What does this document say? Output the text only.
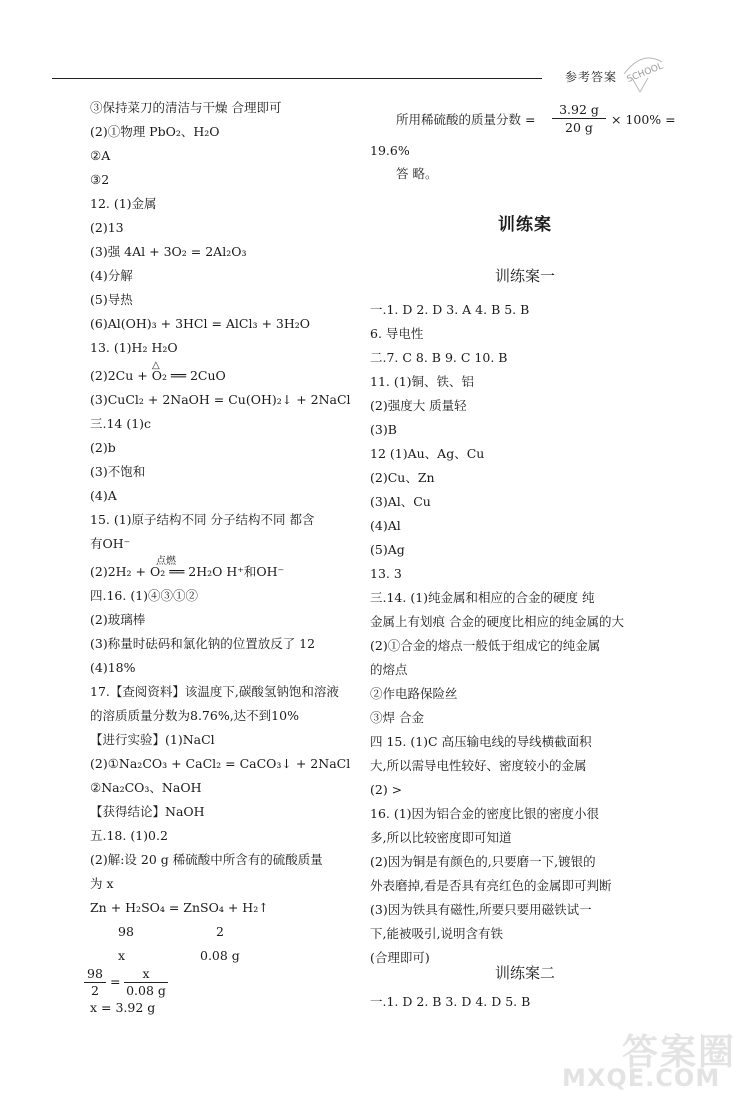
参考答案 SCHOOL
③保持菜刀的清洁与干燥 合理即可
(2)①物理 PbO₂、H₂O
②A
③2
12. (1)金属
(2)13
(3)强 4Al + 3O₂ = 2Al₂O₃
(4)分解
(5)导热
(6)Al(OH)₃ + 3HCl = AlCl₃ + 3H₂O
13. (1)H₂ H₂O
△
(2)2Cu + O₂ ══ 2CuO
(3)CuCl₂ + 2NaOH = Cu(OH)₂↓ + 2NaCl
三.14 (1)c
(2)b
(3)不饱和
(4)A
15. (1)原子结构不同 分子结构不同 都含
有OH⁻
点燃
(2)2H₂ + O₂ ══ 2H₂O H⁺和OH⁻
四.16. (1)④③①②
(2)玻璃棒
(3)称量时砝码和氯化钠的位置放反了 12
(4)18%
17.【查阅资料】该温度下,碳酸氢钠饱和溶液
的溶质质量分数为8.76%,达不到10%
【进行实验】(1)NaCl
(2)①Na₂CO₃ + CaCl₂ = CaCO₃↓ + 2NaCl
②Na₂CO₃、NaOH
【获得结论】NaOH
五.18. (1)0.2
(2)解:设 20 g 稀硫酸中所含有的硫酸质量
为 x
Zn + H₂SO₄ = ZnSO₄ + H₂↑
98	2
x	0.08 g
98
2
=
x
0.08 g
x = 3.92 g
所用稀硫酸的质量分数 =
3.92 g
20 g
× 100% =
19.6%
答 略。
训练案
训练案一
一.1. D 2. D 3. A 4. B 5. B
6. 导电性
二.7. C 8. B 9. C 10. B
11. (1)铜、铁、铝
(2)强度大 质量轻
(3)B
12 (1)Au、Ag、Cu
(2)Cu、Zn
(3)Al、Cu
(4)Al
(5)Ag
13. 3
三.14. (1)纯金属和相应的合金的硬度 纯
金属上有划痕 合金的硬度比相应的纯金属的大
(2)①合金的熔点一般低于组成它的纯金属
的熔点
②作电路保险丝
③焊 合金
四 15. (1)C 高压输电线的导线横截面积
大,所以需导电性较好、密度较小的金属
(2) >
16. (1)因为铝合金的密度比银的密度小很
多,所以比较密度即可知道
(2)因为铜是有颜色的,只要磨一下,镀银的
外表磨掉,看是否具有亮红色的金属即可判断
(3)因为铁具有磁性,所要只要用磁铁试一
下,能被吸引,说明含有铁
(合理即可)
训练案二
一.1. D 2. B 3. D 4. D 5. B
答案圈
MXQE.COM
